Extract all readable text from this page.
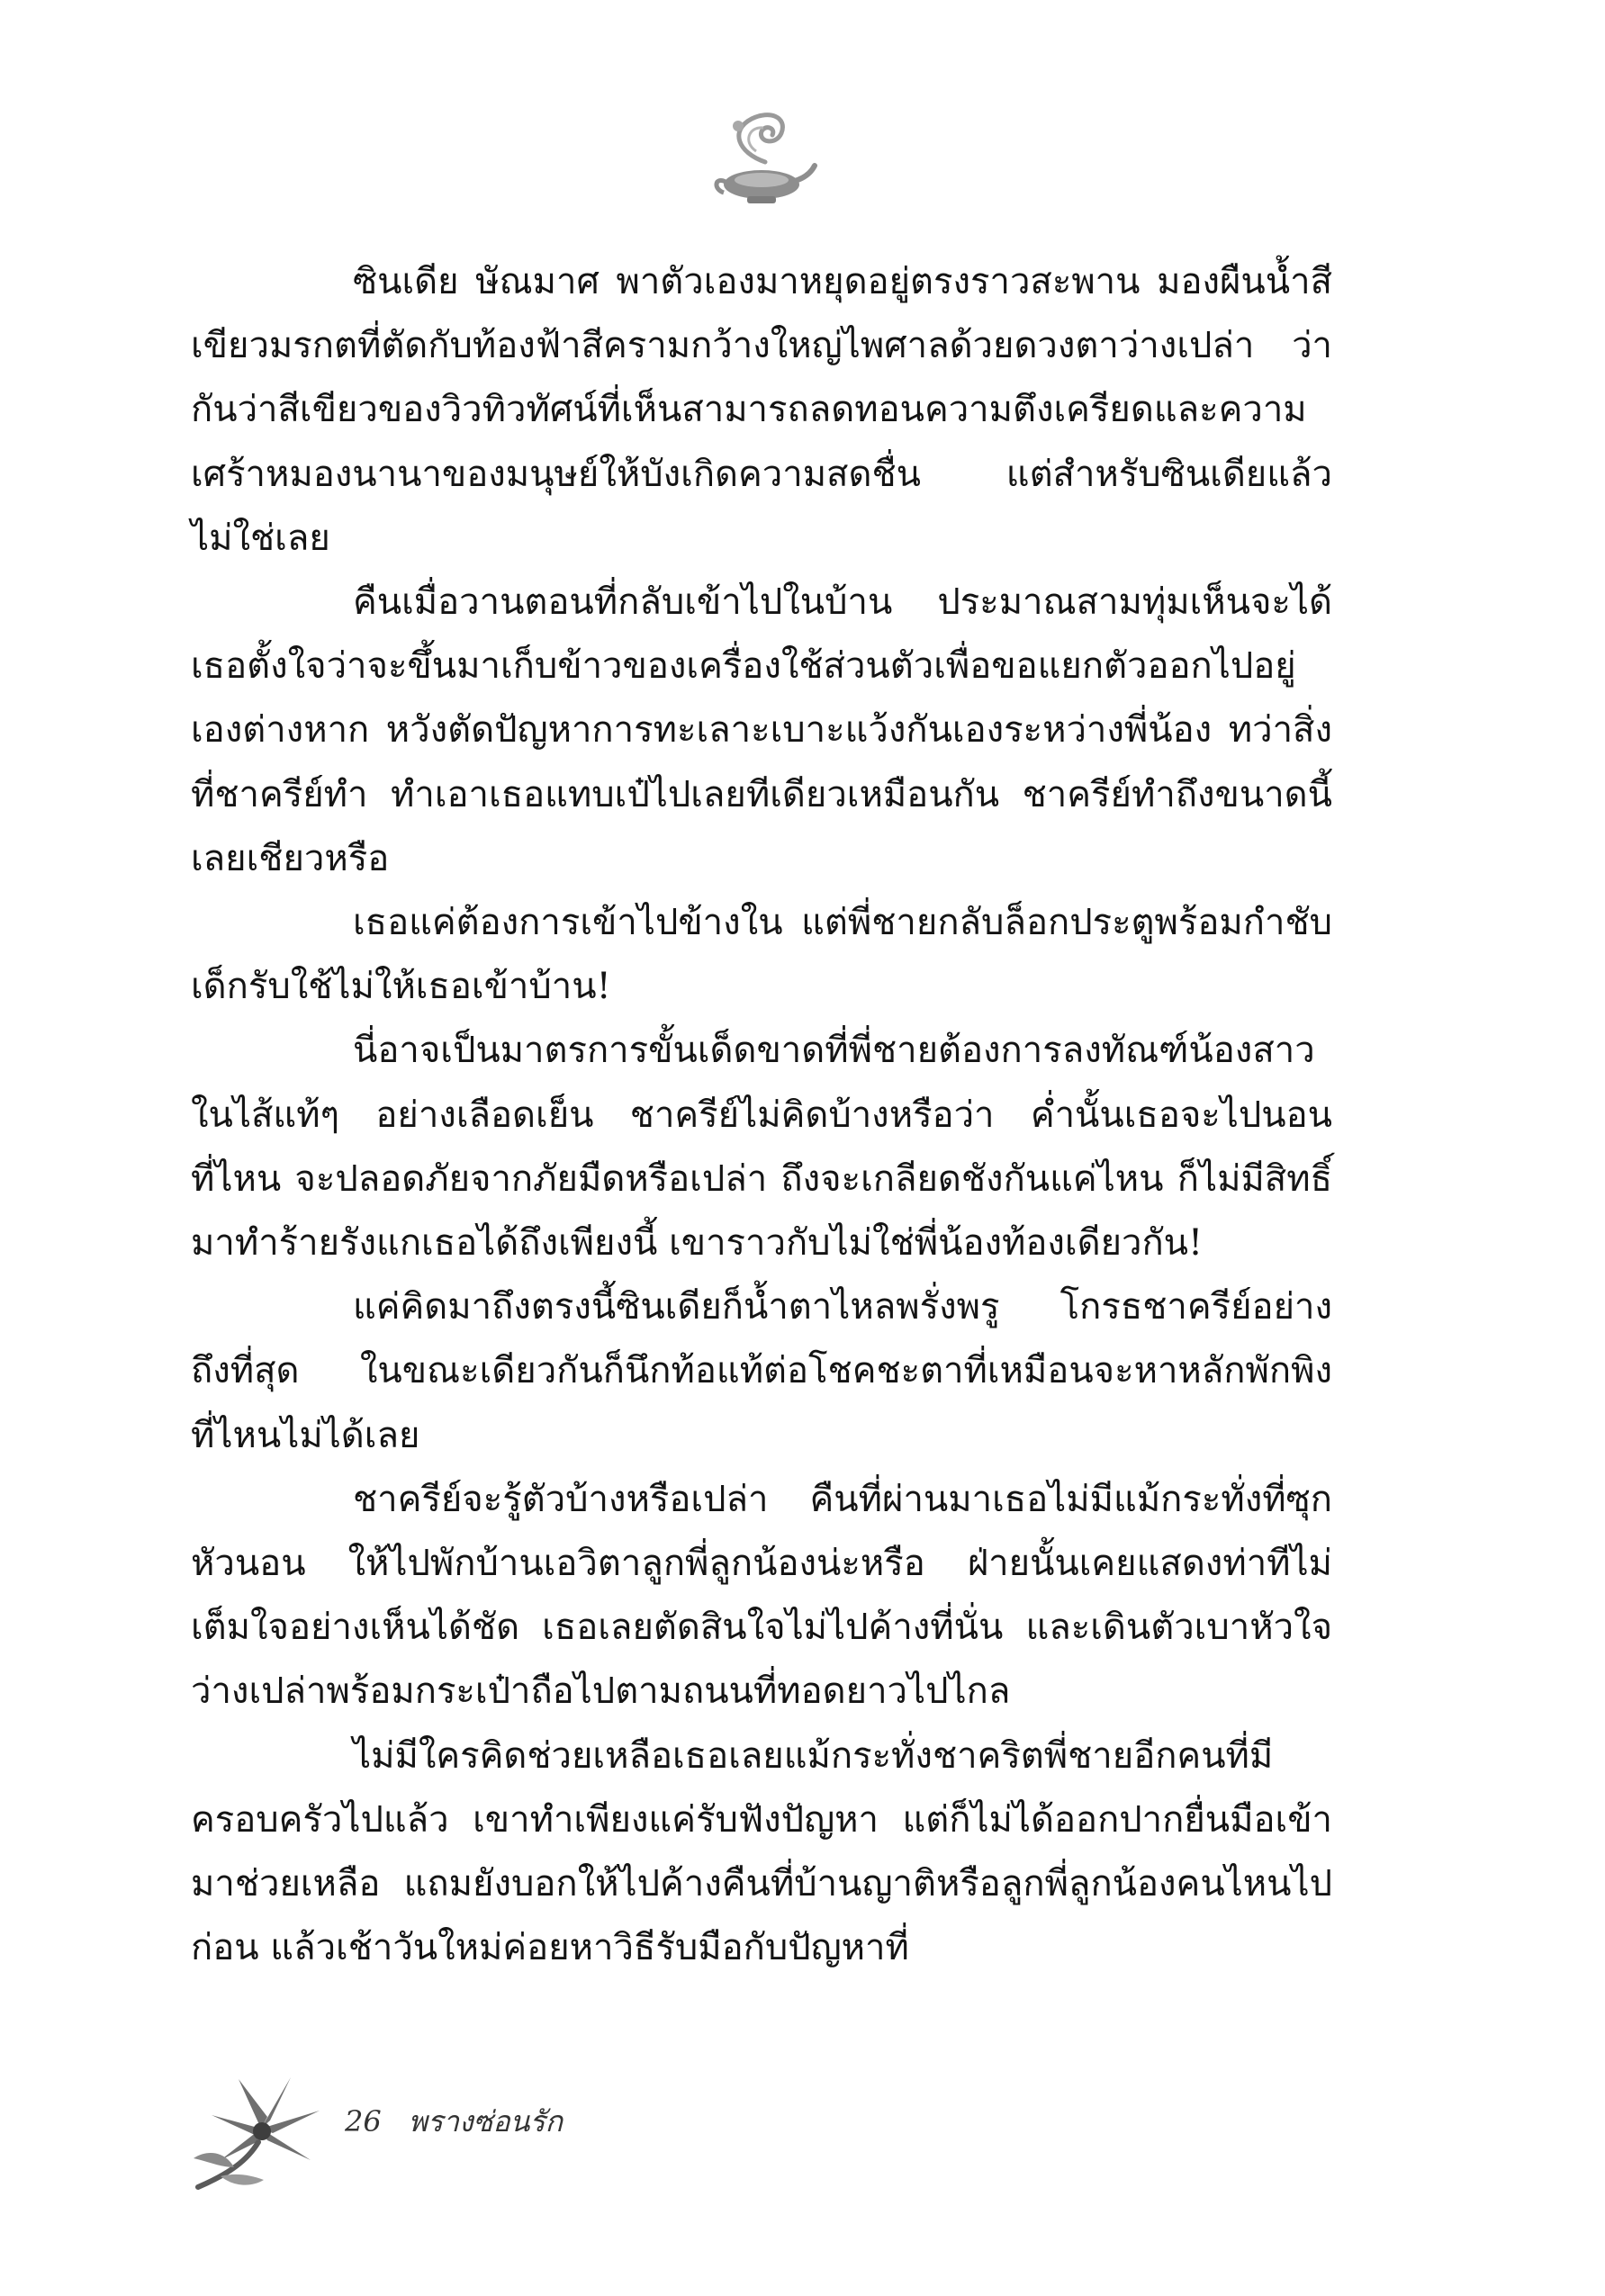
ซินเดีย ษัณมาศ พาตัวเองมาหยุดอยู่ตรงราวสะพาน มองผืนน้ำสีเขียวมรกตที่ตัดกับท้องฟ้าสีครามกว้างใหญ่ไพศาลด้วยดวงตาว่างเปล่า ว่ากันว่าสีเขียวของวิวทิวทัศน์ที่เห็นสามารถลดทอนความตึงเครียดและความเศร้าหมองนานาของมนุษย์ให้บังเกิดความสดชื่น แต่สำหรับซินเดียแล้ว ไม่ใช่เลย

คืนเมื่อวานตอนที่กลับเข้าไปในบ้าน ประมาณสามทุ่มเห็นจะได้ เธอตั้งใจว่าจะขึ้นมาเก็บข้าวของเครื่องใช้ส่วนตัวเพื่อขอแยกตัวออกไปอยู่เองต่างหาก หวังตัดปัญหาการทะเลาะเบาะแว้งกันเองระหว่างพี่น้อง ทว่าสิ่งที่ชาครีย์ทำ ทำเอาเธอแทบเป๋ไปเลยทีเดียวเหมือนกัน ชาครีย์ทำถึงขนาดนี้เลยเชียวหรือ

เธอแค่ต้องการเข้าไปข้างใน แต่พี่ชายกลับล็อกประตูพร้อมกำชับเด็กรับใช้ไม่ให้เธอเข้าบ้าน!

นี่อาจเป็นมาตรการขั้นเด็ดขาดที่พี่ชายต้องการลงทัณฑ์น้องสาวในไส้แท้ๆ อย่างเลือดเย็น ชาครีย์ไม่คิดบ้างหรือว่า ค่ำนั้นเธอจะไปนอนที่ไหน จะปลอดภัยจากภัยมืดหรือเปล่า ถึงจะเกลียดชังกันแค่ไหน ก็ไม่มีสิทธิ์มาทำร้ายรังแกเธอได้ถึงเพียงนี้ เขาราวกับไม่ใช่พี่น้องท้องเดียวกัน!

แค่คิดมาถึงตรงนี้ซินเดียก็น้ำตาไหลพรั่งพรู โกรธชาครีย์อย่างถึงที่สุด ในขณะเดียวกันก็นึกท้อแท้ต่อโชคชะตาที่เหมือนจะหาหลักพักพิงที่ไหนไม่ได้เลย

ชาครีย์จะรู้ตัวบ้างหรือเปล่า คืนที่ผ่านมาเธอไม่มีแม้กระทั่งที่ซุกหัวนอน ให้ไปพักบ้านเอวิตาลูกพี่ลูกน้องน่ะหรือ ฝ่ายนั้นเคยแสดงท่าทีไม่เต็มใจอย่างเห็นได้ชัด เธอเลยตัดสินใจไม่ไปค้างที่นั่น และเดินตัวเบาหัวใจว่างเปล่าพร้อมกระเป๋าถือไปตามถนนที่ทอดยาวไปไกล

ไม่มีใครคิดช่วยเหลือเธอเลยแม้กระทั่งชาคริตพี่ชายอีกคนที่มีครอบครัวไปแล้ว เขาทำเพียงแค่รับฟังปัญหา แต่ก็ไม่ได้ออกปากยื่นมือเข้ามาช่วยเหลือ แถมยังบอกให้ไปค้างคืนที่บ้านญาติหรือลูกพี่ลูกน้องคนไหนไปก่อน แล้วเช้าวันใหม่ค่อยหาวิธีรับมือกับปัญหาที่

26 พรางซ่อนรัก
